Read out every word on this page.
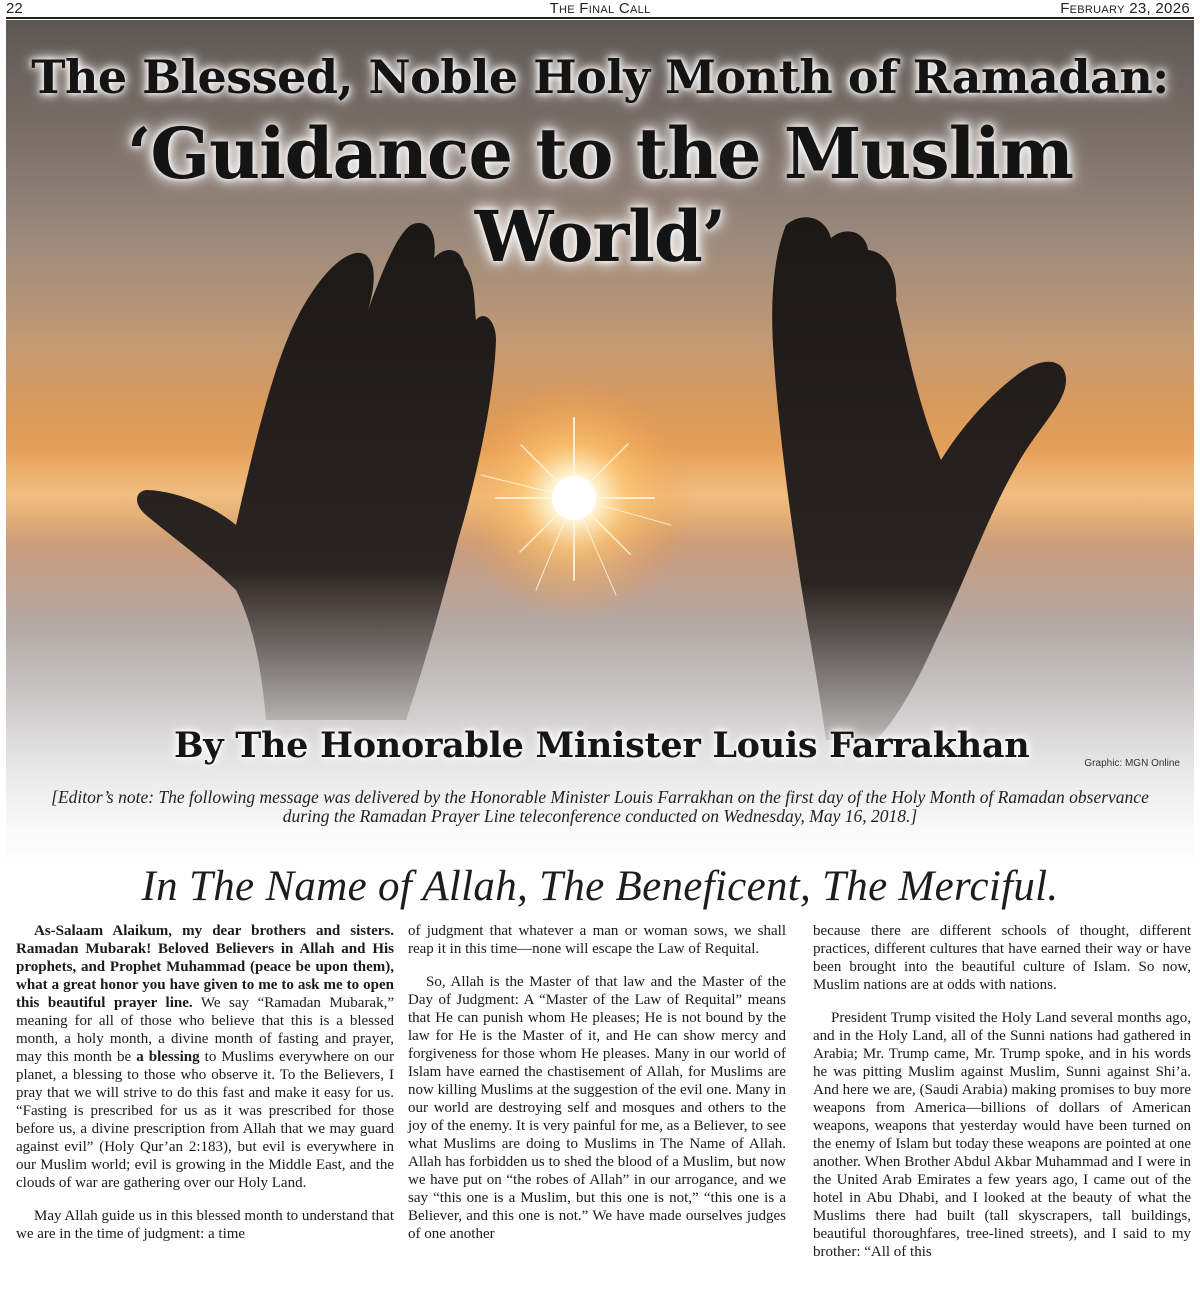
22	The Final Call	February 23, 2026
The Blessed, Noble Holy Month of Ramadan:
‘Guidance to the Muslim World’
By The Honorable Minister Louis Farrakhan	Graphic: MGN Online
[Editor’s note: The following message was delivered by the Honorable Minister Louis Farrakhan on the first day of the Holy Month of Ramadan observance during the Ramadan Prayer Line teleconference conducted on Wednesday, May 16, 2018.]
In The Name of Allah, The Beneficent, The Merciful.

As-Salaam Alaikum, my dear brothers and sisters. Ramadan Mubarak! Beloved Believers in Allah and His prophets, and Prophet Muhammad (peace be upon them), what a great honor you have given to me to ask me to open this beautiful prayer line. We say “Ramadan Mubarak,” meaning for all of those who believe that this is a blessed month, a holy month, a divine month of fasting and prayer, may this month be a blessing to Muslims everywhere on our planet, a blessing to those who observe it. To the Believers, I pray that we will strive to do this fast and make it easy for us. “Fasting is prescribed for us as it was prescribed for those before us, a divine prescription from Allah that we may guard against evil” (Holy Qur’an 2:183), but evil is everywhere in our Muslim world; evil is growing in the Middle East, and the clouds of war are gathering over our Holy Land.

May Allah guide us in this blessed month to understand that we are in the time of judgment: a time

of judgment that whatever a man or woman sows, we shall reap it in this time—none will escape the Law of Requital.

So, Allah is the Master of that law and the Master of the Day of Judgment: A “Master of the Law of Requital” means that He can punish whom He pleases; He is not bound by the law for He is the Master of it, and He can show mercy and forgiveness for those whom He pleases. Many in our world of Islam have earned the chastisement of Allah, for Muslims are now killing Muslims at the suggestion of the evil one. Many in our world are destroying self and mosques and others to the joy of the enemy. It is very painful for me, as a Believer, to see what Muslims are doing to Muslims in The Name of Allah. Allah has forbidden us to shed the blood of a Muslim, but now we have put on “the robes of Allah” in our arrogance, and we say “this one is a Muslim, but this one is not,” “this one is a Believer, and this one is not.” We have made ourselves judges of one another

because there are different schools of thought, different practices, different cultures that have earned their way or have been brought into the beautiful culture of Islam. So now, Muslim nations are at odds with nations.

President Trump visited the Holy Land several months ago, and in the Holy Land, all of the Sunni nations had gathered in Arabia; Mr. Trump came, Mr. Trump spoke, and in his words he was pitting Muslim against Muslim, Sunni against Shi’a. And here we are, (Saudi Arabia) making promises to buy more weapons from America—billions of dollars of American weapons, weapons that yesterday would have been turned on the enemy of Islam but today these weapons are pointed at one another. When Brother Abdul Akbar Muhammad and I were in the United Arab Emirates a few years ago, I came out of the hotel in Abu Dhabi, and I looked at the beauty of what the Muslims there had built (tall skyscrapers, tall buildings, beautiful thoroughfares, tree-lined streets), and I said to my brother: “All of this
